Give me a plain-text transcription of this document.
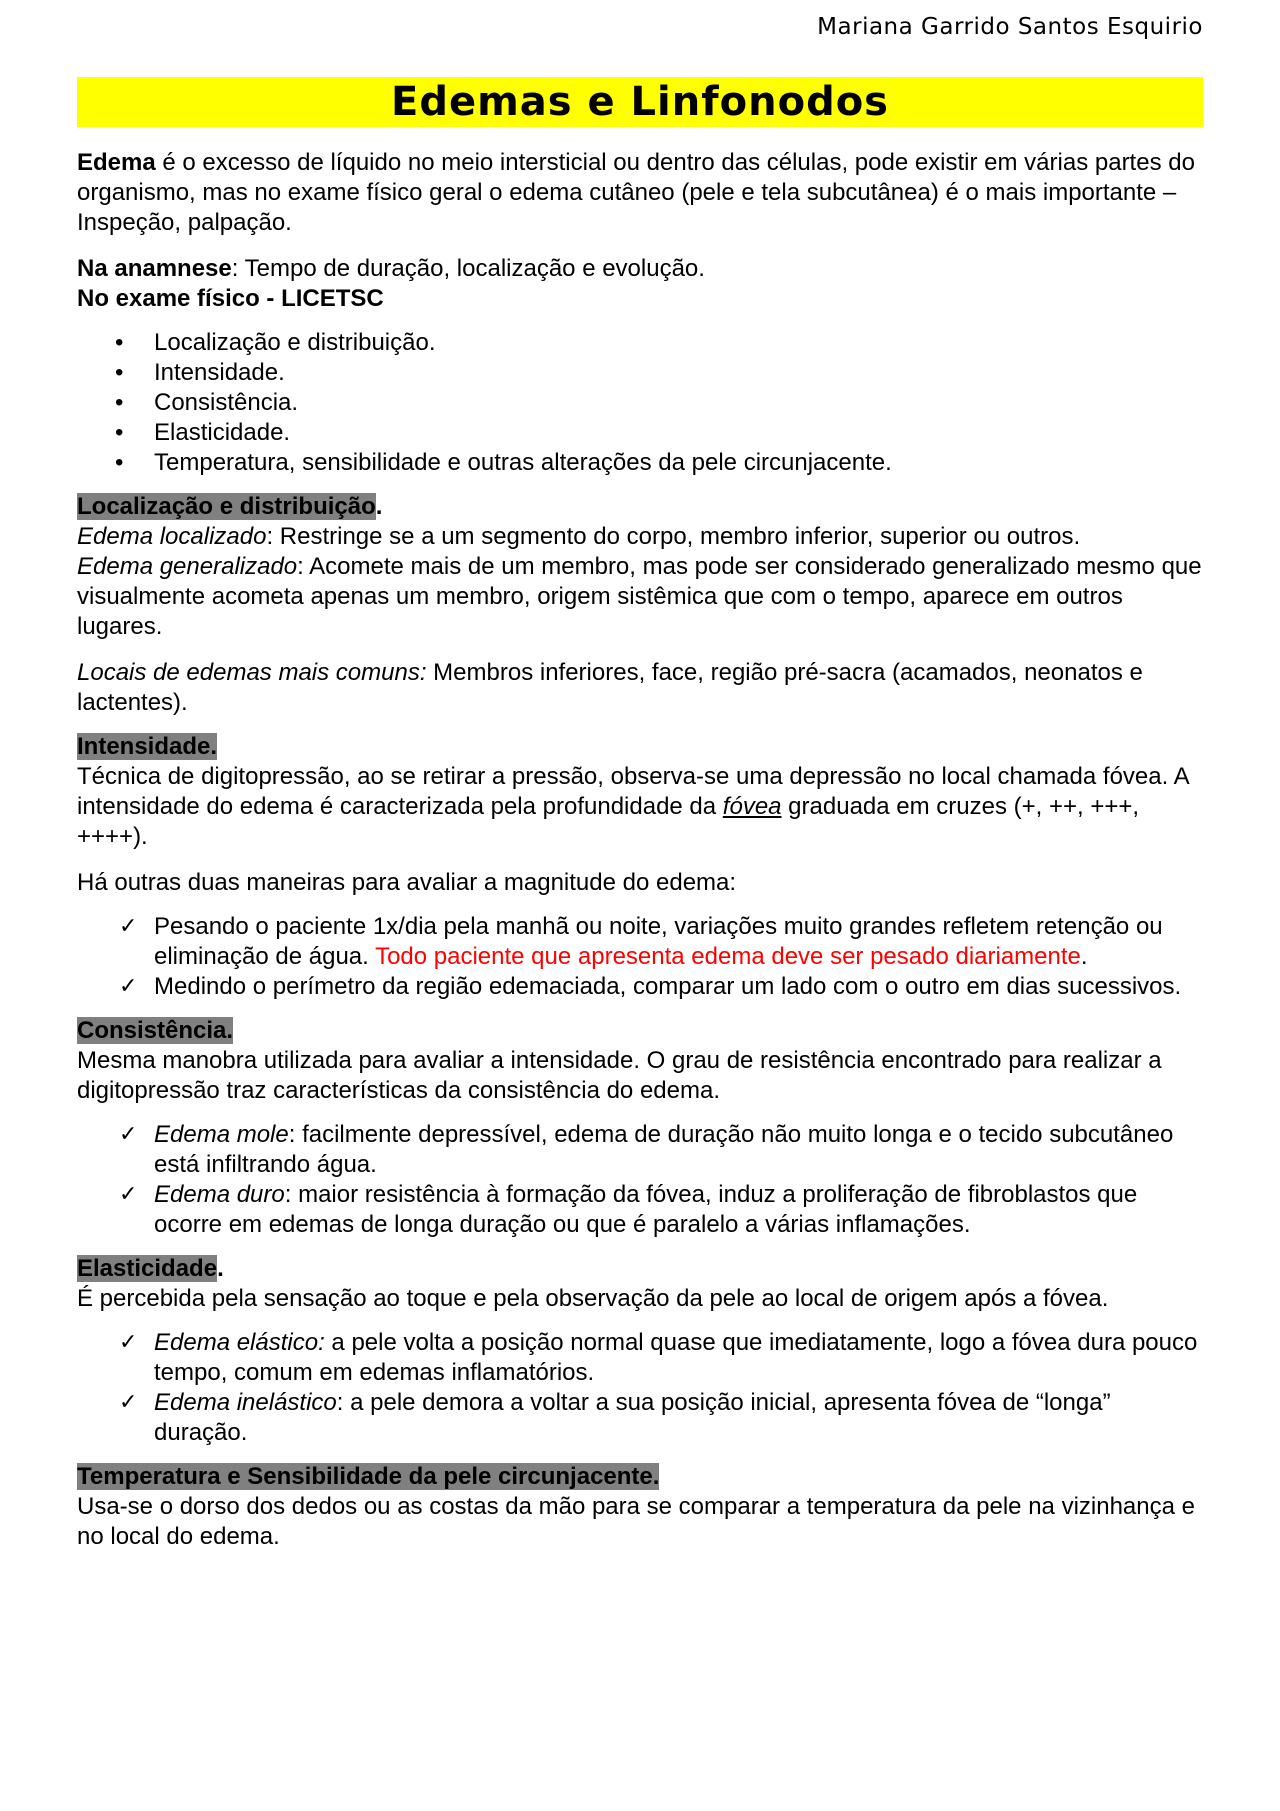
Mariana Garrido Santos Esquirio
Edemas e Linfonodos

Edema é o excesso de líquido no meio intersticial ou dentro das células, pode existir em várias partes do organismo, mas no exame físico geral o edema cutâneo (pele e tela subcutânea) é o mais importante – Inspeção, palpação.

Na anamnese: Tempo de duração, localização e evolução.

No exame físico - LICETSC

• Localização e distribuição.
• Intensidade.
• Consistência.
• Elasticidade.
• Temperatura, sensibilidade e outras alterações da pele circunjacente.

Localização e distribuição.

Edema localizado: Restringe se a um segmento do corpo, membro inferior, superior ou outros.

Edema generalizado: Acomete mais de um membro, mas pode ser considerado generalizado mesmo que visualmente acometa apenas um membro, origem sistêmica que com o tempo, aparece em outros lugares.

Locais de edemas mais comuns: Membros inferiores, face, região pré-sacra (acamados, neonatos e lactentes).

Intensidade.

Técnica de digitopressão, ao se retirar a pressão, observa-se uma depressão no local chamada fóvea. A intensidade do edema é caracterizada pela profundidade da fóvea graduada em cruzes (+, ++, +++, ++++).

Há outras duas maneiras para avaliar a magnitude do edema:

✓ Pesando o paciente 1x/dia pela manhã ou noite, variações muito grandes refletem retenção ou eliminação de água. Todo paciente que apresenta edema deve ser pesado diariamente.
✓ Medindo o perímetro da região edemaciada, comparar um lado com o outro em dias sucessivos.

Consistência.

Mesma manobra utilizada para avaliar a intensidade. O grau de resistência encontrado para realizar a digitopressão traz características da consistência do edema.

✓ Edema mole: facilmente depressível, edema de duração não muito longa e o tecido subcutâneo está infiltrando água.
✓ Edema duro: maior resistência à formação da fóvea, induz a proliferação de fibroblastos que ocorre em edemas de longa duração ou que é paralelo a várias inflamações.

Elasticidade.

É percebida pela sensação ao toque e pela observação da pele ao local de origem após a fóvea.

✓ Edema elástico: a pele volta a posição normal quase que imediatamente, logo a fóvea dura pouco tempo, comum em edemas inflamatórios.
✓ Edema inelástico: a pele demora a voltar a sua posição inicial, apresenta fóvea de “longa” duração.

Temperatura e Sensibilidade da pele circunjacente.

Usa-se o dorso dos dedos ou as costas da mão para se comparar a temperatura da pele na vizinhança e no local do edema.
